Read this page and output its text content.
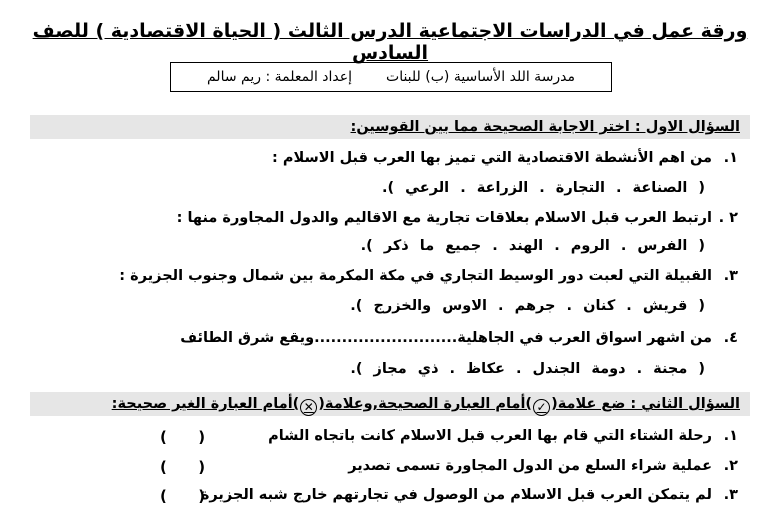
ورقة عمل في الدراسات الاجتماعية الدرس الثالث ( الحياة الاقتصادية ) للصف السادس
مدرسة اللد الأساسية (ب) للبنات
إعداد المعلمة : ريم سالم
السؤال الاول : اختر الاجابة الصحيحة مما بين القوسين:
١.من اهم الأنشطة الاقتصادية التي تميز بها العرب قبل الاسلام :
( الصناعة . التجارة . الزراعة . الرعي ).
٢ .ارتبط العرب قبل الاسلام بعلاقات تجارية مع الاقاليم والدول المجاورة منها :
( الفرس . الروم . الهند . جميع ما ذكر ).
٣.القبيلة التي لعبت دور الوسيط التجاري في مكة المكرمة بين شمال وجنوب الجزيرة :
( قريش . كنان . جرهم . الاوس والخزرج ).
٤.من اشهر اسواق العرب في الجاهلية..........................ويقع شرق الطائف
( مجنة . دومة الجندل . عكاظ . ذي مجاز ).
السؤال الثاني : ضع علامة(✓)أمام العبارة الصحيحة,وعلامة(✕)أمام العبارة الغير صحيحة:
١.رحلة الشتاء التي قام بها العرب قبل الاسلام كانت باتجاه الشام
(      )
٢.عملية شراء السلع من الدول المجاورة تسمى تصدير
(      )
٣.لم يتمكن العرب قبل الاسلام من الوصول في تجارتهم خارج شبه الجزيرة
(      )
